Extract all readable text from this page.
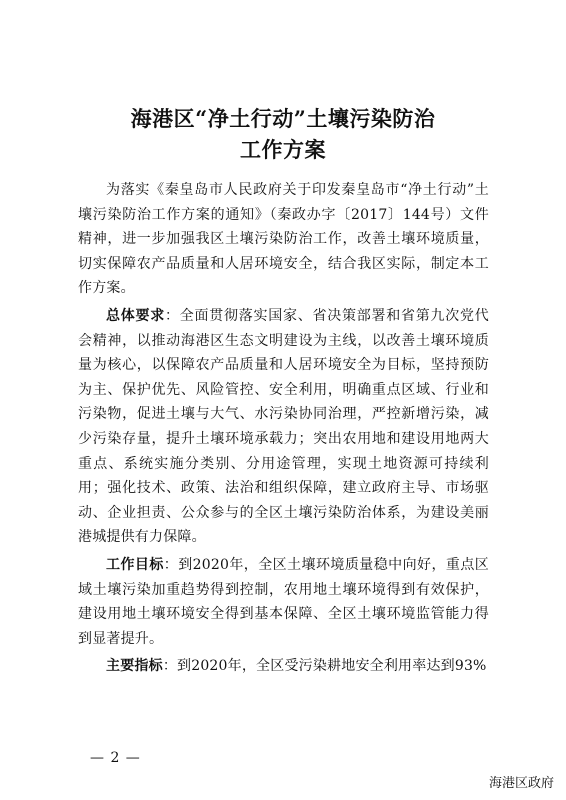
海港区“净土行动”土壤污染防治
工作方案

为落实《秦皇岛市人民政府关于印发秦皇岛市“净土行动”土壤污染防治工作方案的通知》（秦政办字〔2017〕144号）文件精神，进一步加强我区土壤污染防治工作，改善土壤环境质量，切实保障农产品质量和人居环境安全，结合我区实际，制定本工作方案。

总体要求：全面贯彻落实国家、省决策部署和省第九次党代会精神，以推动海港区生态文明建设为主线，以改善土壤环境质量为核心，以保障农产品质量和人居环境安全为目标，坚持预防为主、保护优先、风险管控、安全利用，明确重点区域、行业和污染物，促进土壤与大气、水污染协同治理，严控新增污染，减少污染存量，提升土壤环境承载力；突出农用地和建设用地两大重点、系统实施分类别、分用途管理，实现土地资源可持续利用；强化技术、政策、法治和组织保障，建立政府主导、市场驱动、企业担责、公众参与的全区土壤污染防治体系，为建设美丽港城提供有力保障。

工作目标：到2020年，全区土壤环境质量稳中向好，重点区域土壤污染加重趋势得到控制，农用地土壤环境得到有效保护，建设用地土壤环境安全得到基本保障、全区土壤环境监管能力得到显著提升。

主要指标：到2020年，全区受污染耕地安全利用率达到93%

— 2 —
海港区政府
